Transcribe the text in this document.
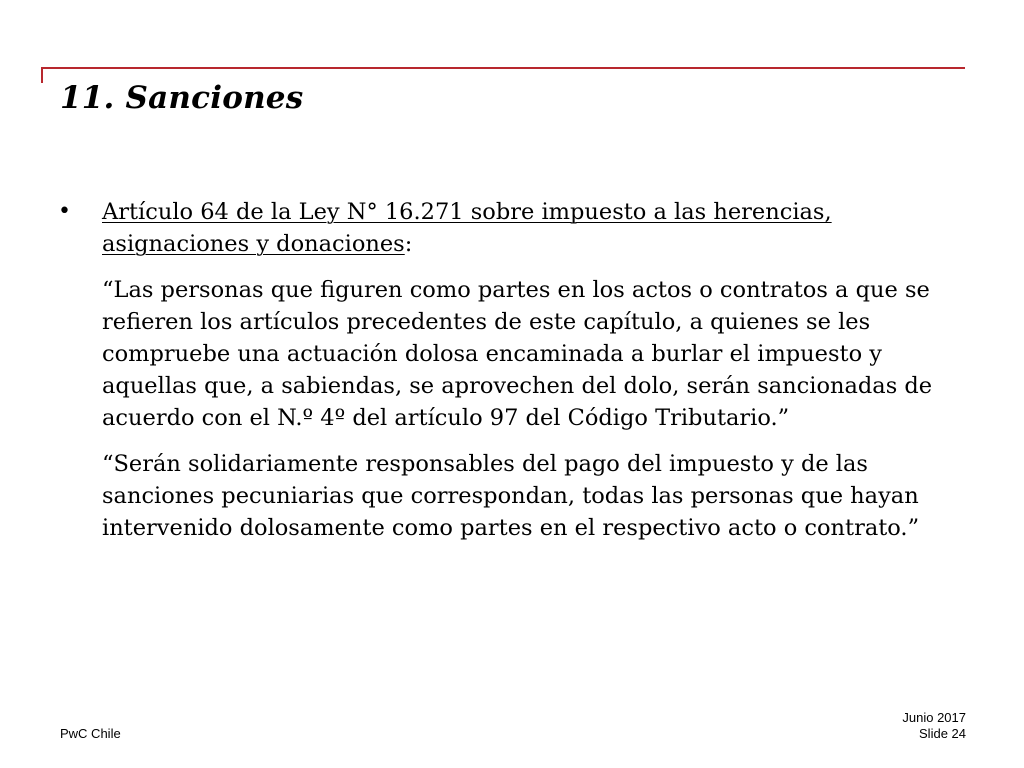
11. Sanciones
•	Artículo 64 de la Ley N° 16.271 sobre impuesto a las herencias, asignaciones y donaciones:

“Las personas que figuren como partes en los actos o contratos a que se refieren los artículos precedentes de este capítulo, a quienes se les compruebe una actuación dolosa encaminada a burlar el impuesto y aquellas que, a sabiendas, se aprovechen del dolo, serán sancionadas de acuerdo con el N.º 4º del artículo 97 del Código Tributario.”

“Serán solidariamente responsables del pago del impuesto y de las sanciones pecuniarias que correspondan, todas las personas que hayan intervenido dolosamente como partes en el respectivo acto o contrato.”

PwC Chile
Junio 2017
Slide 24
